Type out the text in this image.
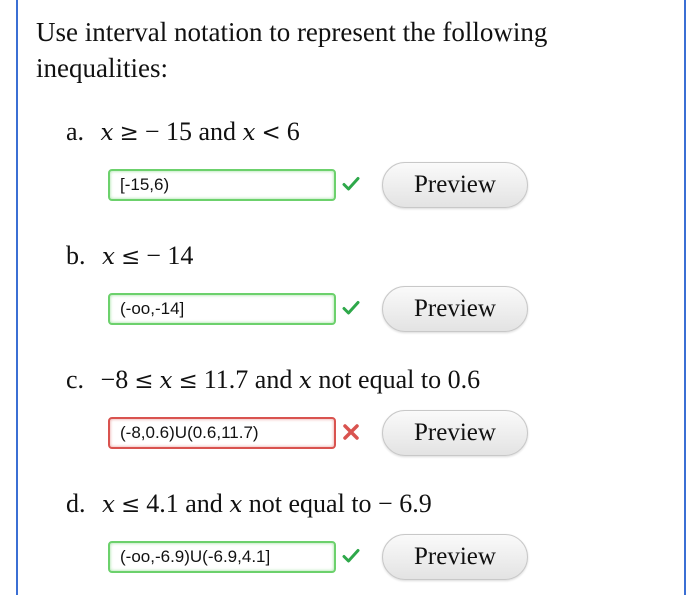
Use interval notation to represent the following inequalities:
a. x ≥ − 15 and x < 6
[-15,6)
Preview
b. x ≤ − 14
(-oo,-14]
Preview
c. −8 ≤ x ≤ 11.7 and x not equal to 0.6
(-8,0.6)U(0.6,11.7)
Preview
d. x ≤ 4.1 and x not equal to − 6.9
(-oo,-6.9)U(-6.9,4.1]
Preview
